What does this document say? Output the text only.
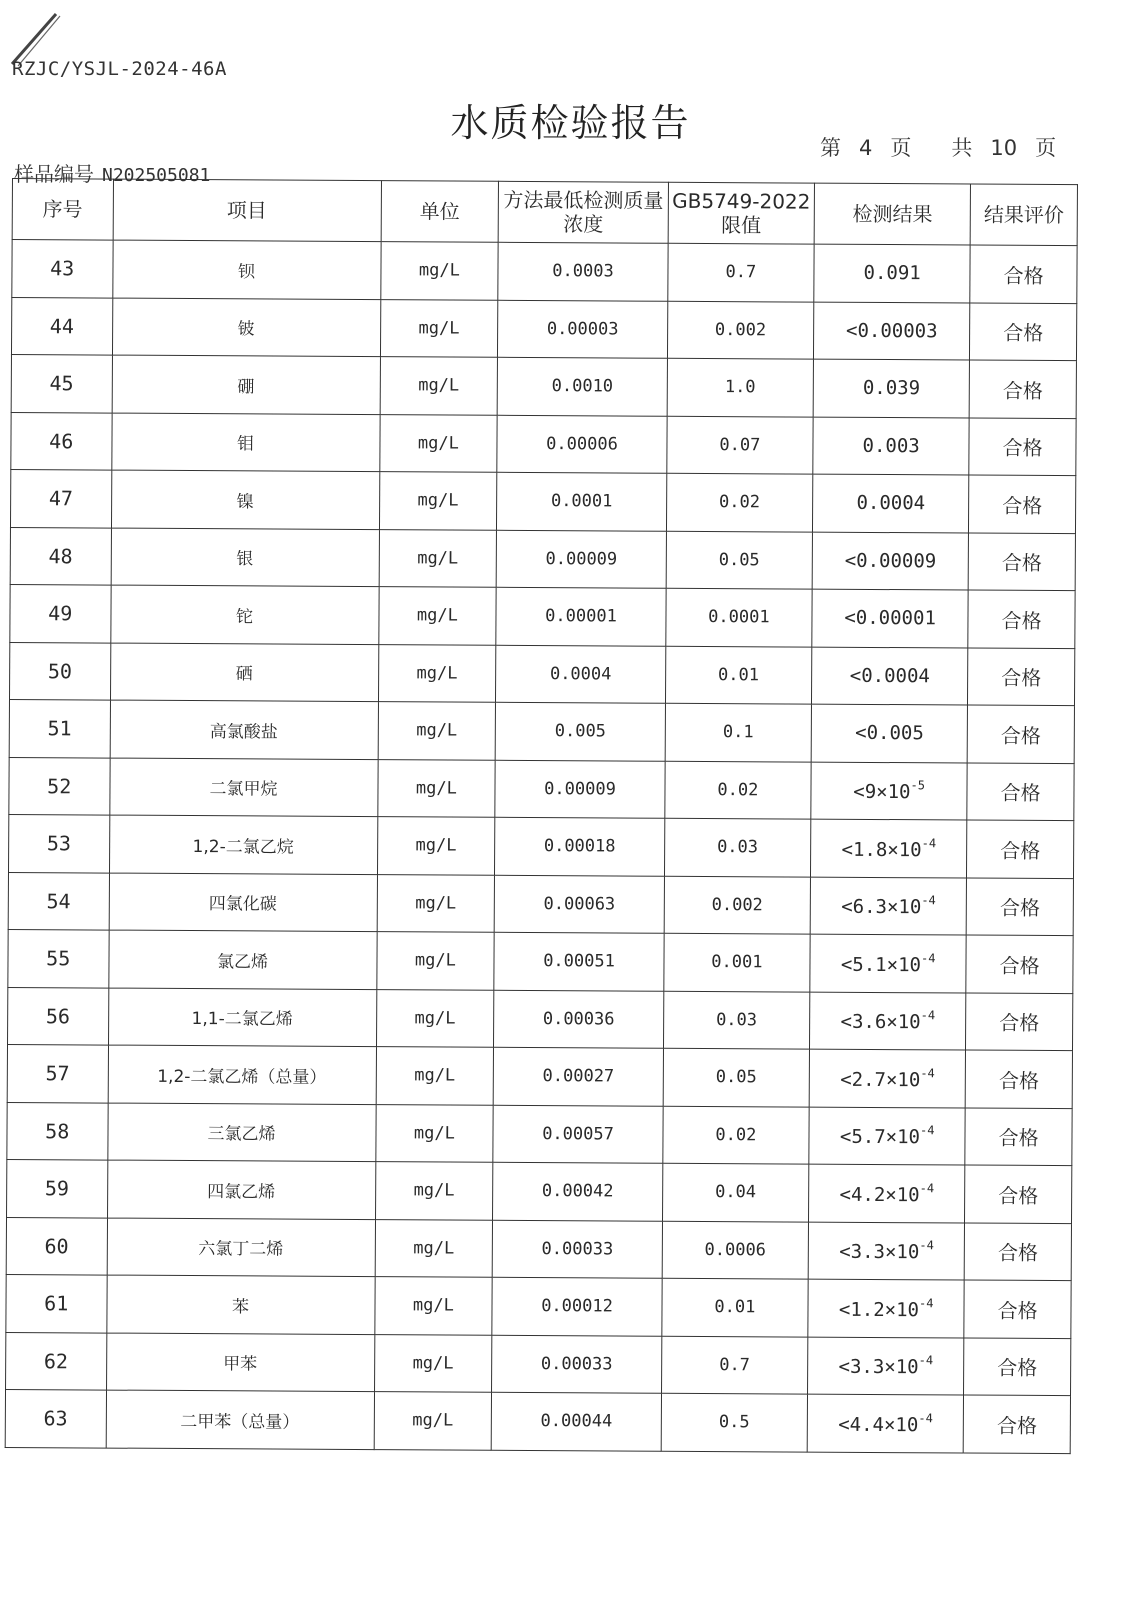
RZJC/YSJL-2024-46A
水质检验报告
第 4 页 共 10 页
样品编号 N202505081
序号	项目	单位	方法最低检测质量浓度	GB5749-2022限值	检测结果	结果评价
43	钡	mg/L	0.0003	0.7	0.091	合格
44	铍	mg/L	0.00003	0.002	<0.00003	合格
45	硼	mg/L	0.0010	1.0	0.039	合格
46	钼	mg/L	0.00006	0.07	0.003	合格
47	镍	mg/L	0.0001	0.02	0.0004	合格
48	银	mg/L	0.00009	0.05	<0.00009	合格
49	铊	mg/L	0.00001	0.0001	<0.00001	合格
50	硒	mg/L	0.0004	0.01	<0.0004	合格
51	高氯酸盐	mg/L	0.005	0.1	<0.005	合格
52	二氯甲烷	mg/L	0.00009	0.02	$<9\times 10^{-5}$	合格
53	1,2-二氯乙烷	mg/L	0.00018	0.03	$<1.8\times 10^{-4}$	合格
54	四氯化碳	mg/L	0.00063	0.002	$<6.3\times 10^{-4}$	合格
55	氯乙烯	mg/L	0.00051	0.001	$<5.1\times 10^{-4}$	合格
56	1,1-二氯乙烯	mg/L	0.00036	0.03	$<3.6\times 10^{-4}$	合格
57	1,2-二氯乙烯（总量）	mg/L	0.00027	0.05	$<2.7\times 10^{-4}$	合格
58	三氯乙烯	mg/L	0.00057	0.02	$<5.7\times 10^{-4}$	合格
59	四氯乙烯	mg/L	0.00042	0.04	$<4.2\times 10^{-4}$	合格
60	六氯丁二烯	mg/L	0.00033	0.0006	$<3.3\times 10^{-4}$	合格
61	苯	mg/L	0.00012	0.01	$<1.2\times 10^{-4}$	合格
62	甲苯	mg/L	0.00033	0.7	$<3.3\times 10^{-4}$	合格
63	二甲苯（总量）	mg/L	0.00044	0.5	$<4.4\times 10^{-4}$	合格
